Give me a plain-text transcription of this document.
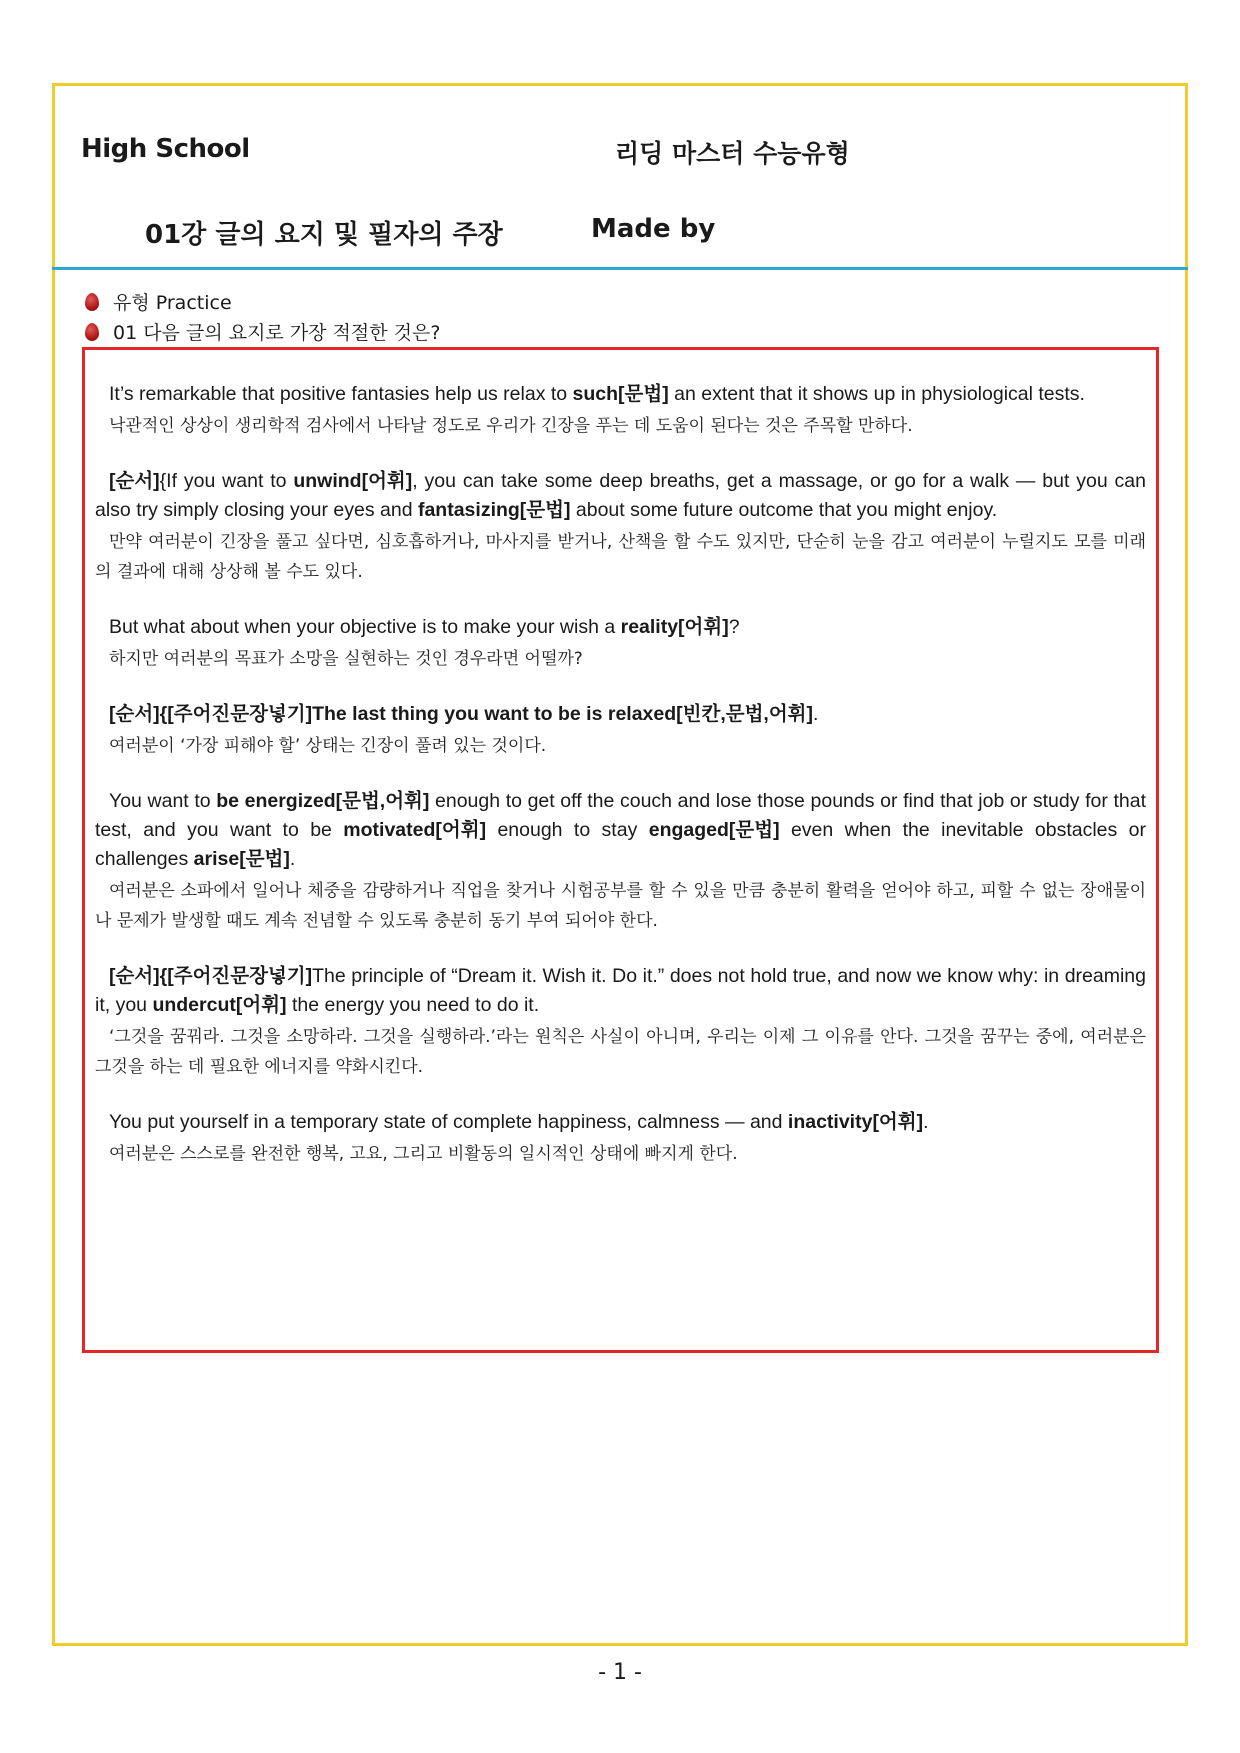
High School	리딩 마스터 수능유형
01강 글의 요지 및 필자의 주장	Made by
유형 Practice
01 다음 글의 요지로 가장 적절한 것은?

It’s remarkable that positive fantasies help us relax to such[문법] an extent that it shows up in physiological tests.

낙관적인 상상이 생리학적 검사에서 나타날 정도로 우리가 긴장을 푸는 데 도움이 된다는 것은 주목할 만하다.

[순서]{If you want to unwind[어휘], you can take some deep breaths, get a massage, or go for a walk — but you can also try simply closing your eyes and fantasizing[문법] about some future outcome that you might enjoy.

만약 여러분이 긴장을 풀고 싶다면, 심호흡하거나, 마사지를 받거나, 산책을 할 수도 있지만, 단순히 눈을 감고 여러분이 누릴지도 모를 미래의 결과에 대해 상상해 볼 수도 있다.

But what about when your objective is to make your wish a reality[어휘]?

하지만 여러분의 목표가 소망을 실현하는 것인 경우라면 어떨까?

[순서]{[주어진문장넣기]The last thing you want to be is relaxed[빈칸,문법,어휘].

여러분이 ‘가장 피해야 할’ 상태는 긴장이 풀려 있는 것이다.

You want to be energized[문법,어휘] enough to get off the couch and lose those pounds or find that job or study for that test, and you want to be motivated[어휘] enough to stay engaged[문법] even when the inevitable obstacles or challenges arise[문법].

여러분은 소파에서 일어나 체중을 감량하거나 직업을 찾거나 시험공부를 할 수 있을 만큼 충분히 활력을 얻어야 하고, 피할 수 없는 장애물이나 문제가 발생할 때도 계속 전념할 수 있도록 충분히 동기 부여 되어야 한다.

[순서]{[주어진문장넣기]The principle of “Dream it. Wish it. Do it.” does not hold true, and now we know why: in dreaming it, you undercut[어휘] the energy you need to do it.

‘그것을 꿈꿔라. 그것을 소망하라. 그것을 실행하라.’라는 원칙은 사실이 아니며, 우리는 이제 그 이유를 안다. 그것을 꿈꾸는 중에, 여러분은 그것을 하는 데 필요한 에너지를 약화시킨다.

You put yourself in a temporary state of complete happiness, calmness — and inactivity[어휘].

여러분은 스스로를 완전한 행복, 고요, 그리고 비활동의 일시적인 상태에 빠지게 한다.

- 1 -
